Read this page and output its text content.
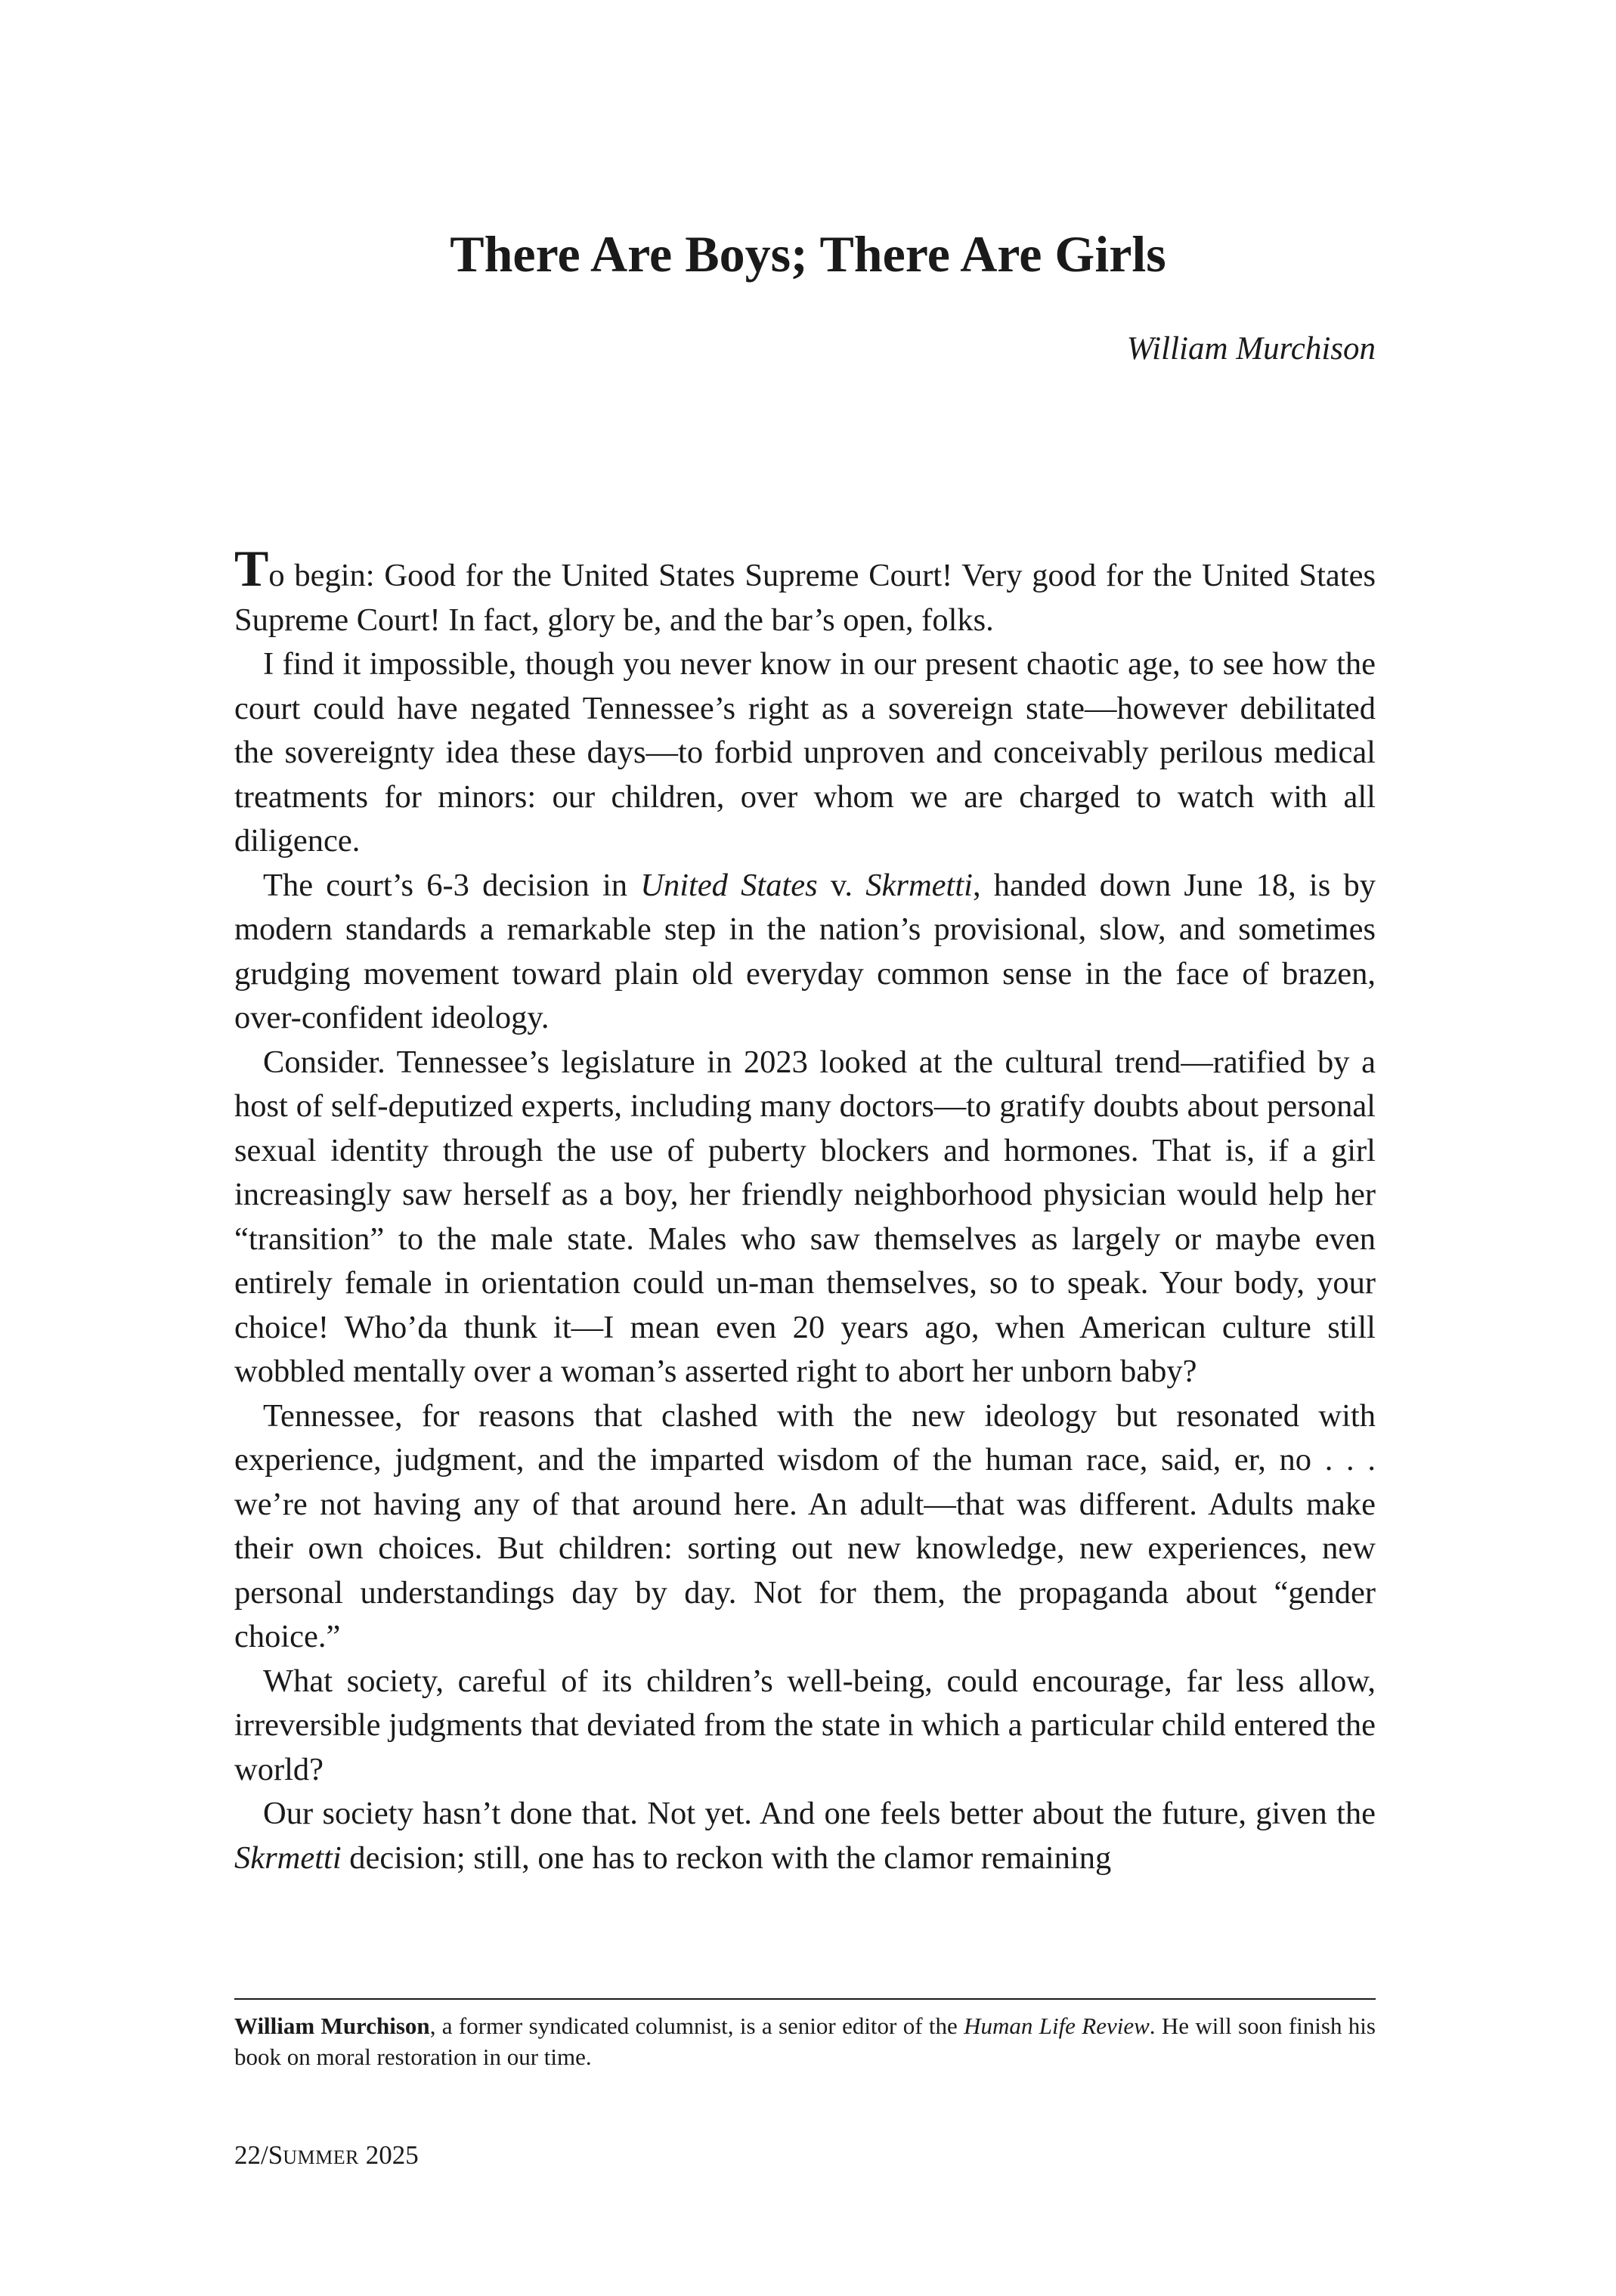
There Are Boys; There Are Girls

William Murchison

To begin: Good for the United States Supreme Court! Very good for the United States Supreme Court! In fact, glory be, and the bar’s open, folks.

I find it impossible, though you never know in our present chaotic age, to see how the court could have negated Tennessee’s right as a sovereign state—however debilitated the sovereignty idea these days—to forbid unproven and conceivably perilous medical treatments for minors: our children, over whom we are charged to watch with all diligence.

The court’s 6-3 decision in United States v. Skrmetti, handed down June 18, is by modern standards a remarkable step in the nation’s provisional, slow, and sometimes grudging movement toward plain old everyday common sense in the face of brazen, over-confident ideology.

Consider. Tennessee’s legislature in 2023 looked at the cultural trend—ratified by a host of self-deputized experts, including many doctors—to gratify doubts about personal sexual identity through the use of puberty blockers and hormones. That is, if a girl increasingly saw herself as a boy, her friendly neighborhood physician would help her “transition” to the male state. Males who saw themselves as largely or maybe even entirely female in orientation could un-man themselves, so to speak. Your body, your choice! Who’da thunk it—I mean even 20 years ago, when American culture still wobbled mentally over a woman’s asserted right to abort her unborn baby?

Tennessee, for reasons that clashed with the new ideology but resonated with experience, judgment, and the imparted wisdom of the human race, said, er, no . . . we’re not having any of that around here. An adult—that was different. Adults make their own choices. But children: sorting out new knowledge, new experiences, new personal understandings day by day. Not for them, the propaganda about “gender choice.”

What society, careful of its children’s well-being, could encourage, far less allow, irreversible judgments that deviated from the state in which a particular child entered the world?

Our society hasn’t done that. Not yet. And one feels better about the future, given the Skrmetti decision; still, one has to reckon with the clamor remaining

William Murchison, a former syndicated columnist, is a senior editor of the Human Life Review. He will soon finish his book on moral restoration in our time.

22/SUMMER 2025
